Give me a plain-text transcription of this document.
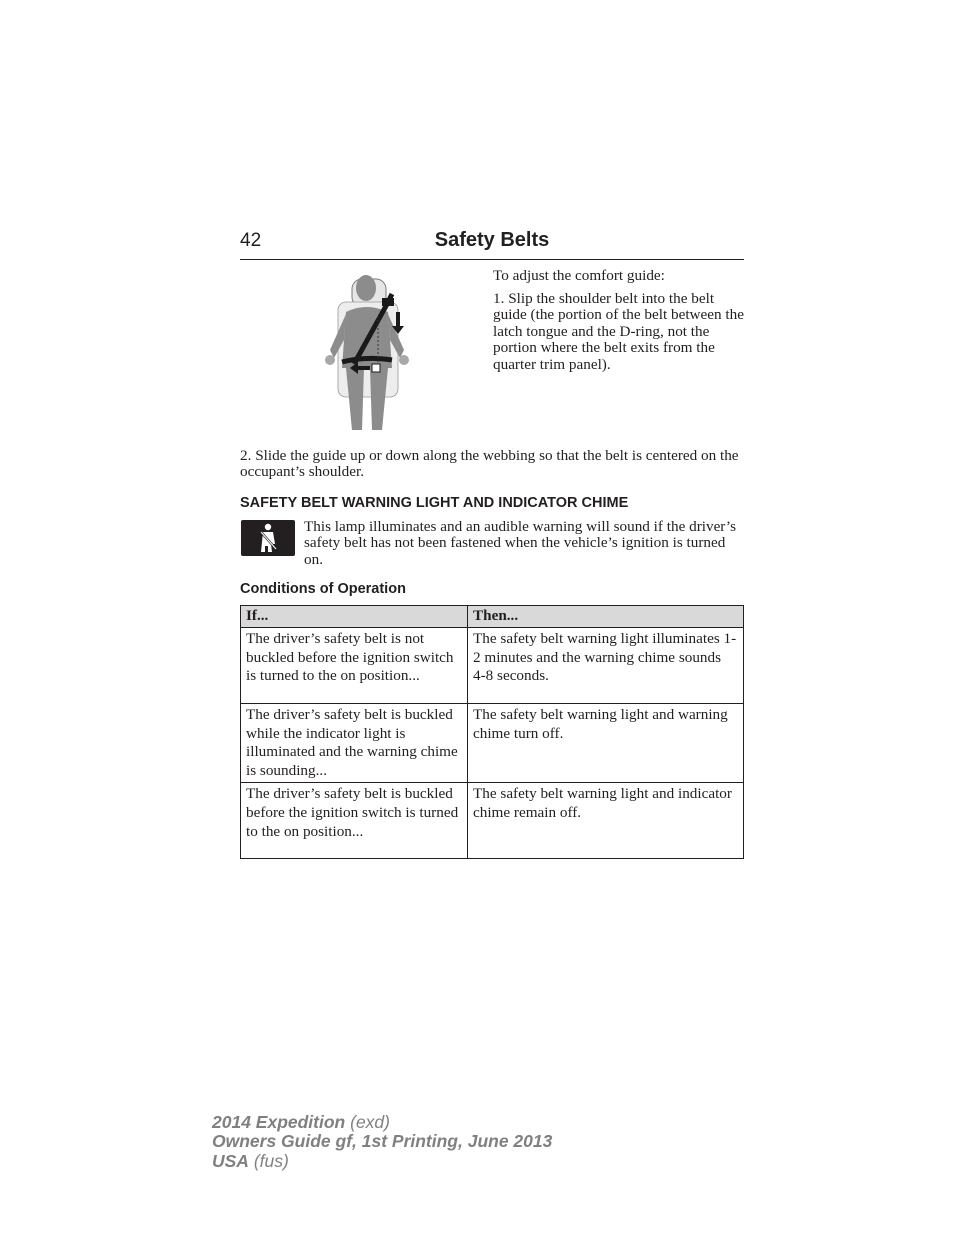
42	Safety Belts
To adjust the comfort guide:
1. Slip the shoulder belt into the belt guide (the portion of the belt between the latch tongue and the D-ring, not the portion where the belt exits from the quarter trim panel).
2. Slide the guide up or down along the webbing so that the belt is centered on the occupant’s shoulder.
SAFETY BELT WARNING LIGHT AND INDICATOR CHIME
This lamp illuminates and an audible warning will sound if the driver’s safety belt has not been fastened when the vehicle’s ignition is turned on.
Conditions of Operation
If...	Then...
The driver’s safety belt is not buckled before the ignition switch is turned to the on position...	The safety belt warning light illuminates 1-2 minutes and the warning chime sounds 4-8 seconds.
The driver’s safety belt is buckled while the indicator light is illuminated and the warning chime is sounding...	The safety belt warning light and warning chime turn off.
The driver’s safety belt is buckled before the ignition switch is turned to the on position...	The safety belt warning light and indicator chime remain off.
2014 Expedition (exd)
Owners Guide gf, 1st Printing, June 2013
USA (fus)
